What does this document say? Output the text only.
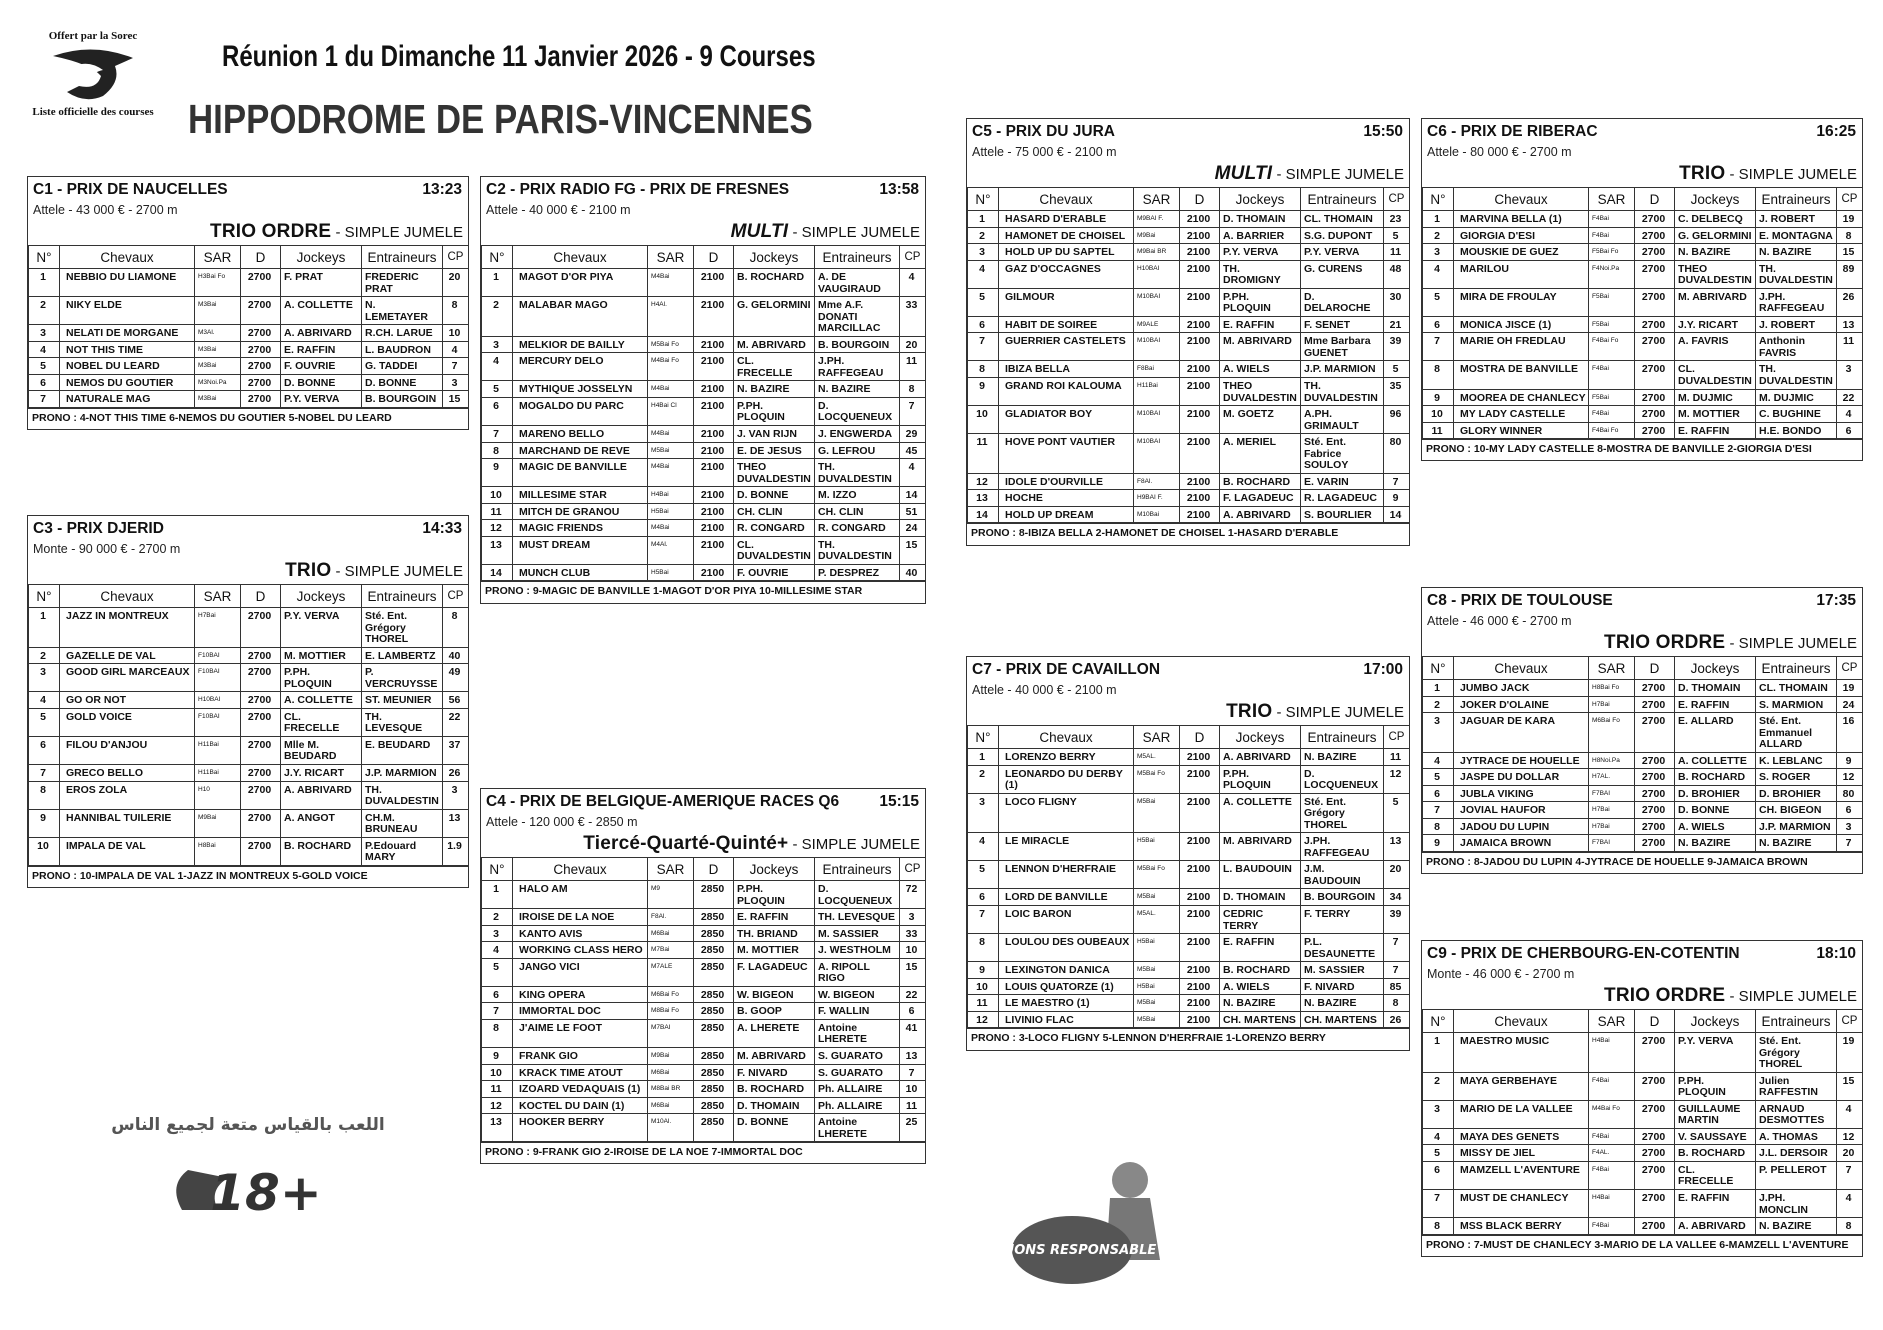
Offert par la Sorec
Liste officielle des courses
Réunion 1 du Dimanche 11 Janvier 2026 - 9 Courses
HIPPODROME DE PARIS-VINCENNES
C1 - PRIX DE NAUCELLES	13:23
Attele - 43 000 € - 2700 m
TRIO ORDRE - SIMPLE JUMELE
N°	Chevaux	SAR	D	Jockeys	Entraineurs	CP
1	NEBBIO DU LIAMONE	H3Bai Fo	2700	F. PRAT	FREDERIC PRAT	20
2	NIKY ELDE	M3Bai	2700	A. COLLETTE	N. LEMETAYER	8
3	NELATI DE MORGANE	M3Al.	2700	A. ABRIVARD	R.CH. LARUE	10
4	NOT THIS TIME	M3Bai	2700	E. RAFFIN	L. BAUDRON	4
5	NOBEL DU LEARD	M3Bai	2700	F. OUVRIE	G. TADDEI	7
6	NEMOS DU GOUTIER	M3Noi.Pa	2700	D. BONNE	D. BONNE	3
7	NATURALE MAG	M3Bai	2700	P.Y. VERVA	B. BOURGOIN	15
PRONO : 4-NOT THIS TIME 6-NEMOS DU GOUTIER 5-NOBEL DU LEARD
C2 - PRIX RADIO FG - PRIX DE FRESNES	13:58
Attele - 40 000 € - 2100 m
MULTI - SIMPLE JUMELE
N°	Chevaux	SAR	D	Jockeys	Entraineurs	CP
1	MAGOT D'OR PIYA	M4Bai	2100	B. ROCHARD	A. DE VAUGIRAUD	4
2	MALABAR MAGO	H4Al.	2100	G. GELORMINI	Mme A.F. DONATI MARCILLAC	33
3	MELKIOR DE BAILLY	M5Bai Fo	2100	M. ABRIVARD	B. BOURGOIN	20
4	MERCURY DELO	M4Bai Fo	2100	CL. FRECELLE	J.PH. RAFFEGEAU	11
5	MYTHIQUE JOSSELYN	M4Bai	2100	N. BAZIRE	N. BAZIRE	8
6	MOGALDO DU PARC	H4Bai Cl	2100	P.PH. PLOQUIN	D. LOCQUENEUX	7
7	MARENO BELLO	M4Bai	2100	J. VAN RIJN	J. ENGWERDA	29
8	MARCHAND DE REVE	M5Bai	2100	E. DE JESUS	G. LEFROU	45
9	MAGIC DE BANVILLE	M4Bai	2100	THEO DUVALDESTIN	TH. DUVALDESTIN	4
10	MILLESIME STAR	H4Bai	2100	D. BONNE	M. IZZO	14
11	MITCH DE GRANOU	H5Bai	2100	CH. CLIN	CH. CLIN	51
12	MAGIC FRIENDS	M4Bai	2100	R. CONGARD	R. CONGARD	24
13	MUST DREAM	M4Al.	2100	CL. DUVALDESTIN	TH. DUVALDESTIN	15
14	MUNCH CLUB	H5Bai	2100	F. OUVRIE	P. DESPREZ	40
PRONO : 9-MAGIC DE BANVILLE 1-MAGOT D'OR PIYA 10-MILLESIME STAR
C3 - PRIX DJERID	14:33
Monte - 90 000 € - 2700 m
TRIO - SIMPLE JUMELE
N°	Chevaux	SAR	D	Jockeys	Entraineurs	CP
1	JAZZ IN MONTREUX	H7Bai	2700	P.Y. VERVA	Sté. Ent. Grégory THOREL	8
2	GAZELLE DE VAL	F10BAI	2700	M. MOTTIER	E. LAMBERTZ	40
3	GOOD GIRL MARCEAUX	F10BAI	2700	P.PH. PLOQUIN	P. VERCRUYSSE	49
4	GO OR NOT	H10BAI	2700	A. COLLETTE	ST. MEUNIER	56
5	GOLD VOICE	F10BAI	2700	CL. FRECELLE	TH. LEVESQUE	22
6	FILOU D'ANJOU	H11Bai	2700	Mlle M. BEUDARD	E. BEUDARD	37
7	GRECO BELLO	H11Bai	2700	J.Y. RICART	J.P. MARMION	26
8	EROS ZOLA	H10	2700	A. ABRIVARD	TH. DUVALDESTIN	3
9	HANNIBAL TUILERIE	M9Bai	2700	A. ANGOT	CH.M. BRUNEAU	13
10	IMPALA DE VAL	H8Bai	2700	B. ROCHARD	P.Edouard MARY	1.9
PRONO : 10-IMPALA DE VAL 1-JAZZ IN MONTREUX 5-GOLD VOICE
C4 - PRIX DE BELGIQUE-AMERIQUE RACES Q6	15:15
Attele - 120 000 € - 2850 m
Tiercé-Quarté-Quinté+ - SIMPLE JUMELE
N°	Chevaux	SAR	D	Jockeys	Entraineurs	CP
1	HALO AM	M9	2850	P.PH. PLOQUIN	D. LOCQUENEUX	72
2	IROISE DE LA NOE	F8Al.	2850	E. RAFFIN	TH. LEVESQUE	3
3	KANTO AVIS	M6Bai	2850	TH. BRIAND	M. SASSIER	33
4	WORKING CLASS HERO	M7Bai	2850	M. MOTTIER	J. WESTHOLM	10
5	JANGO VICI	M7ALE	2850	F. LAGADEUC	A. RIPOLL RIGO	15
6	KING OPERA	M6Bai Fo	2850	W. BIGEON	W. BIGEON	22
7	IMMORTAL DOC	M8Bai Fo	2850	B. GOOP	F. WALLIN	6
8	J'AIME LE FOOT	M7BAI	2850	A. LHERETE	Antoine LHERETE	41
9	FRANK GIO	M9Bai	2850	M. ABRIVARD	S. GUARATO	13
10	KRACK TIME ATOUT	M6Bai	2850	F. NIVARD	S. GUARATO	7
11	IZOARD VEDAQUAIS (1)	M8Bai BR	2850	B. ROCHARD	Ph. ALLAIRE	10
12	KOCTEL DU DAIN (1)	M6Bai	2850	D. THOMAIN	Ph. ALLAIRE	11
13	HOOKER BERRY	M10Al.	2850	D. BONNE	Antoine LHERETE	25
PRONO : 9-FRANK GIO 2-IROISE DE LA NOE 7-IMMORTAL DOC
C5 - PRIX DU JURA	15:50
Attele - 75 000 € - 2100 m
MULTI - SIMPLE JUMELE
N°	Chevaux	SAR	D	Jockeys	Entraineurs	CP
1	HASARD D'ERABLE	M9BAI F.	2100	D. THOMAIN	CL. THOMAIN	23
2	HAMONET DE CHOISEL	M9Bai	2100	A. BARRIER	S.G. DUPONT	5
3	HOLD UP DU SAPTEL	M9Bai BR	2100	P.Y. VERVA	P.Y. VERVA	11
4	GAZ D'OCCAGNES	H10BAI	2100	TH. DROMIGNY	G. CURENS	48
5	GILMOUR	M10BAI	2100	P.PH. PLOQUIN	D. DELAROCHE	30
6	HABIT DE SOIREE	M9ALE	2100	E. RAFFIN	F. SENET	21
7	GUERRIER CASTELETS	M10BAI	2100	M. ABRIVARD	Mme Barbara GUENET	39
8	IBIZA BELLA	F8Bai	2100	A. WIELS	J.P. MARMION	5
9	GRAND ROI KALOUMA	H11Bai	2100	THEO DUVALDESTIN	TH. DUVALDESTIN	35
10	GLADIATOR BOY	M10BAI	2100	M. GOETZ	A.PH. GRIMAULT	96
11	HOVE PONT VAUTIER	M10BAI	2100	A. MERIEL	Sté. Ent. Fabrice SOULOY	80
12	IDOLE D'OURVILLE	F8Al.	2100	B. ROCHARD	E. VARIN	7
13	HOCHE	H9BAI F.	2100	F. LAGADEUC	R. LAGADEUC	9
14	HOLD UP DREAM	M10Bai	2100	A. ABRIVARD	S. BOURLIER	14
PRONO : 8-IBIZA BELLA 2-HAMONET DE CHOISEL 1-HASARD D'ERABLE
C6 - PRIX DE RIBERAC	16:25
Attele - 80 000 € - 2700 m
TRIO - SIMPLE JUMELE
N°	Chevaux	SAR	D	Jockeys	Entraineurs	CP
1	MARVINA BELLA (1)	F4Bai	2700	C. DELBECQ	J. ROBERT	19
2	GIORGIA D'ESI	F4Bai	2700	G. GELORMINI	E. MONTAGNA	8
3	MOUSKIE DE GUEZ	F5Bai Fo	2700	N. BAZIRE	N. BAZIRE	15
4	MARILOU	F4Noi.Pa	2700	THEO DUVALDESTIN	TH. DUVALDESTIN	89
5	MIRA DE FROULAY	F5Bai	2700	M. ABRIVARD	J.PH. RAFFEGEAU	26
6	MONICA JISCE (1)	F5Bai	2700	J.Y. RICART	J. ROBERT	13
7	MARIE OH FREDLAU	F4Bai Fo	2700	A. FAVRIS	Anthonin FAVRIS	11
8	MOSTRA DE BANVILLE	F4Bai	2700	CL. DUVALDESTIN	TH. DUVALDESTIN	3
9	MOOREA DE CHANLECY	F5Bai	2700	M. DUJMIC	M. DUJMIC	22
10	MY LADY CASTELLE	F4Bai	2700	M. MOTTIER	C. BUGHINE	4
11	GLORY WINNER	F4Bai Fo	2700	E. RAFFIN	H.E. BONDO	6
PRONO : 10-MY LADY CASTELLE 8-MOSTRA DE BANVILLE 2-GIORGIA D'ESI
C7 - PRIX DE CAVAILLON	17:00
Attele - 40 000 € - 2100 m
TRIO - SIMPLE JUMELE
N°	Chevaux	SAR	D	Jockeys	Entraineurs	CP
1	LORENZO BERRY	M5AL.	2100	A. ABRIVARD	N. BAZIRE	11
2	LEONARDO DU DERBY (1)	M5Bai Fo	2100	P.PH. PLOQUIN	D. LOCQUENEUX	12
3	LOCO FLIGNY	M5Bai	2100	A. COLLETTE	Sté. Ent. Grégory THOREL	5
4	LE MIRACLE	H5Bai	2100	M. ABRIVARD	J.PH. RAFFEGEAU	13
5	LENNON D'HERFRAIE	M5Bai Fo	2100	L. BAUDOUIN	J.M. BAUDOUIN	20
6	LORD DE BANVILLE	M5Bai	2100	D. THOMAIN	B. BOURGOIN	34
7	LOIC BARON	M5AL.	2100	CEDRIC TERRY	F. TERRY	39
8	LOULOU DES OUBEAUX	H5Bai	2100	E. RAFFIN	P.L. DESAUNETTE	7
9	LEXINGTON DANICA	M5Bai	2100	B. ROCHARD	M. SASSIER	7
10	LOUIS QUATORZE (1)	H5Bai	2100	A. WIELS	F. NIVARD	85
11	LE MAESTRO (1)	M5Bai	2100	N. BAZIRE	N. BAZIRE	8
12	LIVINIO FLAC	M5Bai	2100	CH. MARTENS	CH. MARTENS	26
PRONO : 3-LOCO FLIGNY 5-LENNON D'HERFRAIE 1-LORENZO BERRY
C8 - PRIX DE TOULOUSE	17:35
Attele - 46 000 € - 2700 m
TRIO ORDRE - SIMPLE JUMELE
N°	Chevaux	SAR	D	Jockeys	Entraineurs	CP
1	JUMBO JACK	H8Bai Fo	2700	D. THOMAIN	CL. THOMAIN	19
2	JOKER D'OLAINE	H7Bai	2700	E. RAFFIN	S. MARMION	24
3	JAGUAR DE KARA	M6Bai Fo	2700	E. ALLARD	Sté. Ent. Emmanuel ALLARD	16
4	JYTRACE DE HOUELLE	H8Noi.Pa	2700	A. COLLETTE	K. LEBLANC	9
5	JASPE DU DOLLAR	H7AL.	2700	B. ROCHARD	S. ROGER	12
6	JUBLA VIKING	F7BAI	2700	D. BROHIER	D. BROHIER	80
7	JOVIAL HAUFOR	H7Bai	2700	D. BONNE	CH. BIGEON	6
8	JADOU DU LUPIN	H7Bai	2700	A. WIELS	J.P. MARMION	3
9	JAMAICA BROWN	F7BAI	2700	N. BAZIRE	N. BAZIRE	7
PRONO : 8-JADOU DU LUPIN 4-JYTRACE DE HOUELLE 9-JAMAICA BROWN
C9 - PRIX DE CHERBOURG-EN-COTENTIN	18:10
Monte - 46 000 € - 2700 m
TRIO ORDRE - SIMPLE JUMELE
N°	Chevaux	SAR	D	Jockeys	Entraineurs	CP
1	MAESTRO MUSIC	H4Bai	2700	P.Y. VERVA	Sté. Ent. Grégory THOREL	19
2	MAYA GERBEHAYE	F4Bai	2700	P.PH. PLOQUIN	Julien RAFFESTIN	15
3	MARIO DE LA VALLEE	M4Bai Fo	2700	GUILLAUME MARTIN	ARNAUD DESMOTTES	4
4	MAYA DES GENETS	F4Bai	2700	V. SAUSSAYE	A. THOMAS	12
5	MISSY DE JIEL	F4AL.	2700	B. ROCHARD	J.L. DERSOIR	20
6	MAMZELL L'AVENTURE	F4Bai	2700	CL. FRECELLE	P. PELLEROT	7
7	MUST DE CHANLECY	H4Bai	2700	E. RAFFIN	J.PH. MONCLIN	4
8	MSS BLACK BERRY	F4Bai	2700	A. ABRIVARD	N. BAZIRE	8
PRONO : 7-MUST DE CHANLECY 3-MARIO DE LA VALLEE 6-MAMZELL L'AVENTURE
اللعب بالقياس متعة لجميع الناس
18+
JOUONS RESPONSABLE
